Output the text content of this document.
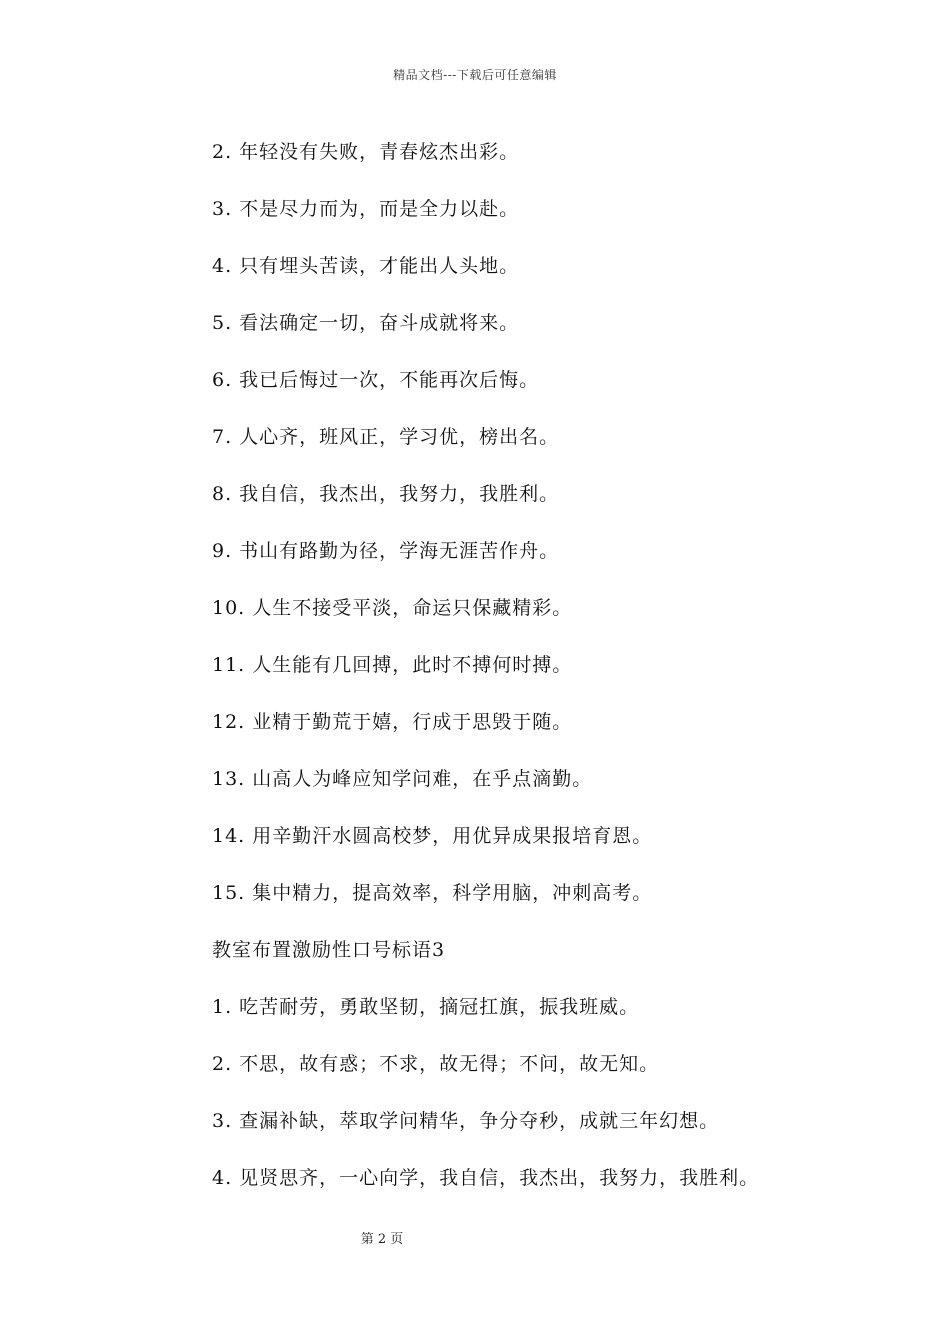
精品文档---下载后可任意编辑
2. 年轻没有失败，青春炫杰出彩。
3. 不是尽力而为，而是全力以赴。
4. 只有埋头苦读，才能出人头地。
5. 看法确定一切，奋斗成就将来。
6. 我已后悔过一次，不能再次后悔。
7. 人心齐，班风正，学习优，榜出名。
8. 我自信，我杰出，我努力，我胜利。
9. 书山有路勤为径，学海无涯苦作舟。
10. 人生不接受平淡，命运只保藏精彩。
11. 人生能有几回搏，此时不搏何时搏。
12. 业精于勤荒于嬉，行成于思毁于随。
13. 山高人为峰应知学问难，在乎点滴勤。
14. 用辛勤汗水圆高校梦，用优异成果报培育恩。
15. 集中精力，提高效率，科学用脑，冲刺高考。
教室布置激励性口号标语3
1. 吃苦耐劳，勇敢坚韧，摘冠扛旗，振我班威。
2. 不思，故有惑；不求，故无得；不问，故无知。
3. 查漏补缺，萃取学问精华，争分夺秒，成就三年幻想。
4. 见贤思齐，一心向学，我自信，我杰出，我努力，我胜利。
第 2 页
